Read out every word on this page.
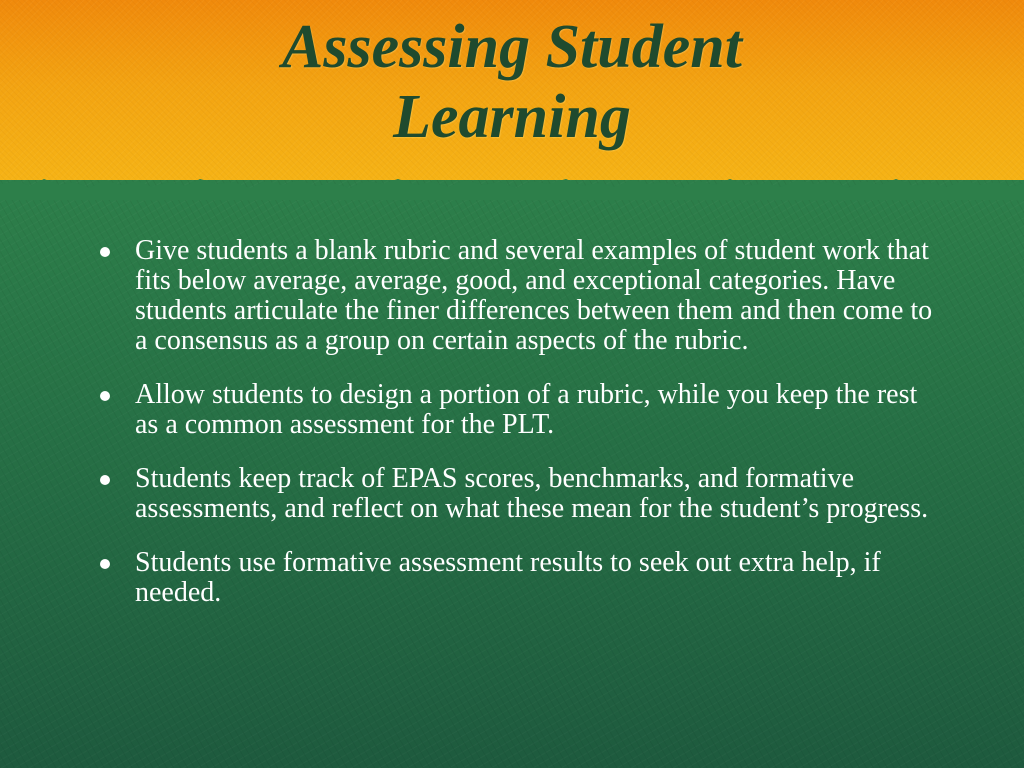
Assessing Student
Learning
Give students a blank rubric and several examples of student work that fits below average, average, good, and exceptional categories. Have students articulate the finer differences between them and then come to a consensus as a group on certain aspects of the rubric.
Allow students to design a portion of a rubric, while you keep the rest as a common assessment for the PLT.
Students keep track of EPAS scores, benchmarks, and formative assessments, and reflect on what these mean for the student’s progress.
Students use formative assessment results to seek out extra help, if needed.
